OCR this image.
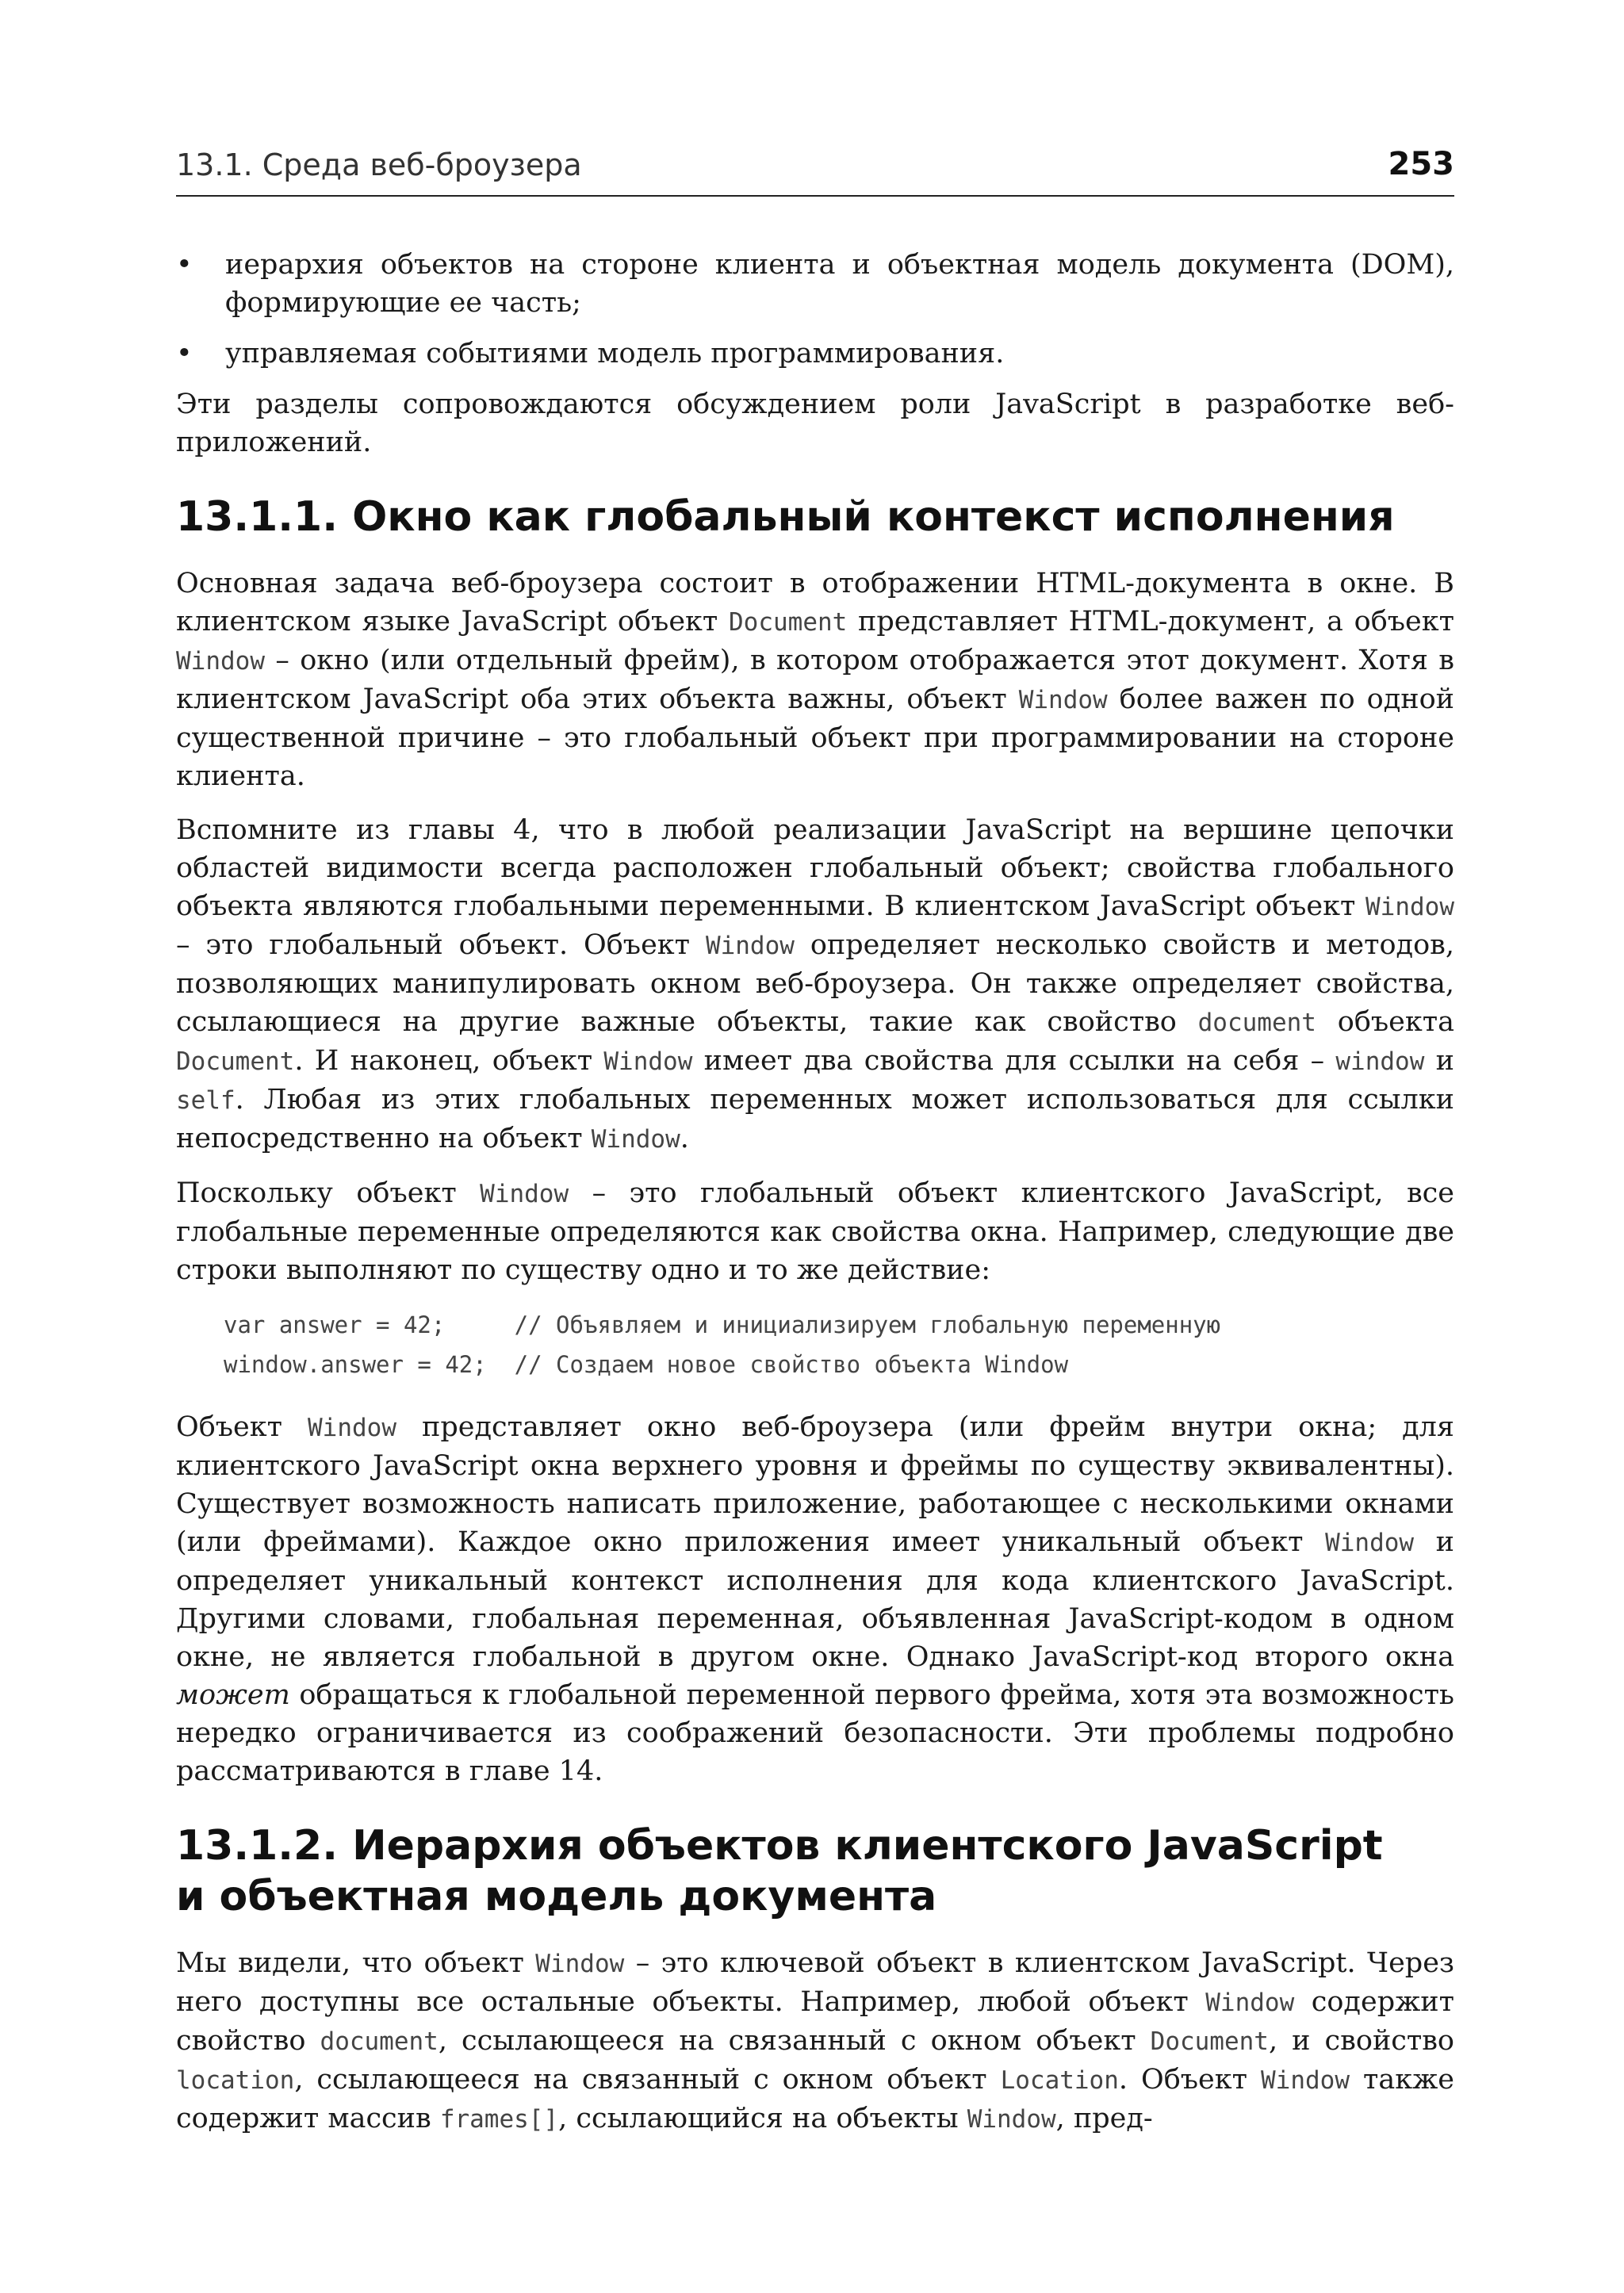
13.1. Среда веб-броузера	253
• иерархия объектов на стороне клиента и объектная модель документа (DOM), формирующие ее часть;
• управляемая событиями модель программирования.

Эти разделы сопровождаются обсуждением роли JavaScript в разработке веб-приложений.

13.1.1. Окно как глобальный контекст исполнения

Основная задача веб-броузера состоит в отображении HTML-документа в окне. В клиентском языке JavaScript объект Document представляет HTML-документ, а объект Window – окно (или отдельный фрейм), в котором отображается этот документ. Хотя в клиентском JavaScript оба этих объекта важны, объект Window более важен по одной существенной причине – это глобальный объект при программировании на стороне клиента.

Вспомните из главы 4, что в любой реализации JavaScript на вершине цепочки областей видимости всегда расположен глобальный объект; свойства глобального объекта являются глобальными переменными. В клиентском JavaScript объект Window – это глобальный объект. Объект Window определяет несколько свойств и методов, позволяющих манипулировать окном веб-броузера. Он также определяет свойства, ссылающиеся на другие важные объекты, такие как свойство document объекта Document. И наконец, объект Window имеет два свойства для ссылки на себя – window и self. Любая из этих глобальных переменных может использоваться для ссылки непосредственно на объект Window.

Поскольку объект Window – это глобальный объект клиентского JavaScript, все глобальные переменные определяются как свойства окна. Например, следующие две строки выполняют по существу одно и то же действие:

var answer = 42;     // Объявляем и инициализируем глобальную переменную
window.answer = 42;  // Создаем новое свойство объекта Window

Объект Window представляет окно веб-броузера (или фрейм внутри окна; для клиентского JavaScript окна верхнего уровня и фреймы по существу эквивалентны). Существует возможность написать приложение, работающее с несколькими окнами (или фреймами). Каждое окно приложения имеет уникальный объект Window и определяет уникальный контекст исполнения для кода клиентского JavaScript. Другими словами, глобальная переменная, объявленная JavaScript-кодом в одном окне, не является глобальной в другом окне. Однако JavaScript-код второго окна может обращаться к глобальной переменной первого фрейма, хотя эта возможность нередко ограничивается из соображений безопасности. Эти проблемы подробно рассматриваются в главе 14.

13.1.2. Иерархия объектов клиентского JavaScript
и объектная модель документа

Мы видели, что объект Window – это ключевой объект в клиентском JavaScript. Через него доступны все остальные объекты. Например, любой объект Window содержит свойство document, ссылающееся на связанный с окном объект Document, и свойство location, ссылающееся на связанный с окном объект Location. Объект Window также содержит массив frames[], ссылающийся на объекты Window, пред-
